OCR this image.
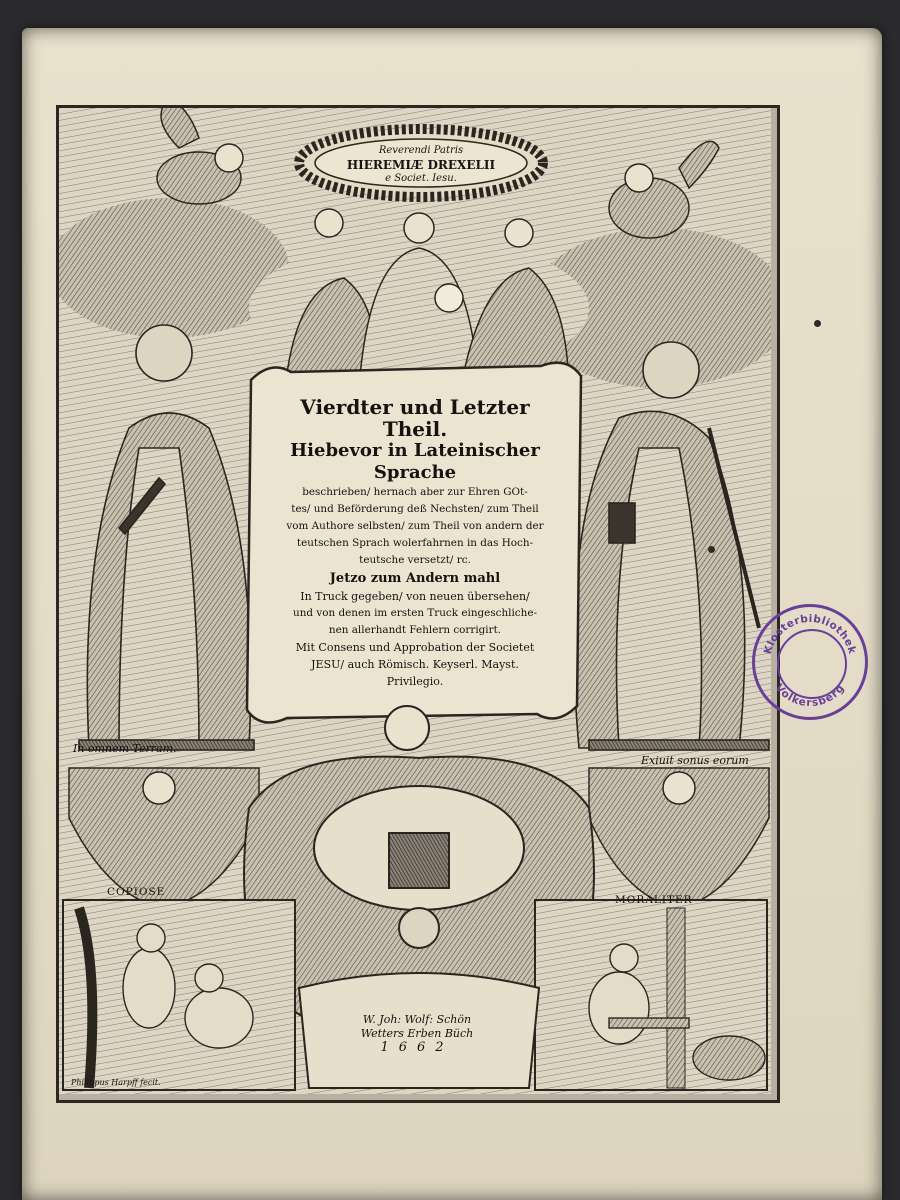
Reverendi Patris
HIEREMIÆ DREXELII
e Societ. Iesu.
Vierdter und Letzter Theil.
Hiebevor in Lateinischer Sprache
beschrieben/ hernach aber zur Ehren GOt-
tes/ und Beförderung deß Nechsten/ zum Theil
vom Authore selbsten/ zum Theil von andern der
teutschen Sprach wolerfahrnen in das Hoch-
teutsche versetzt/ rc.
Jetzo zum Andern mahl
In Truck gegeben/ von neuen übersehen/
und von denen im ersten Truck eingeschliche-
nen allerhandt Fehlern corrigirt.
Mit Consens und Approbation der Societet
JESU/ auch Römisch. Keyserl. Mayst.
Privilegio.
In omnem Terram.
Exiuit sonus eorum
COPIOSE
MORALITER
Philippus Harpff fecit.
W. Joh: Wolf: Schön
Wetters Erben Büch
1662
Klosterbibliothek
Volkersberg
